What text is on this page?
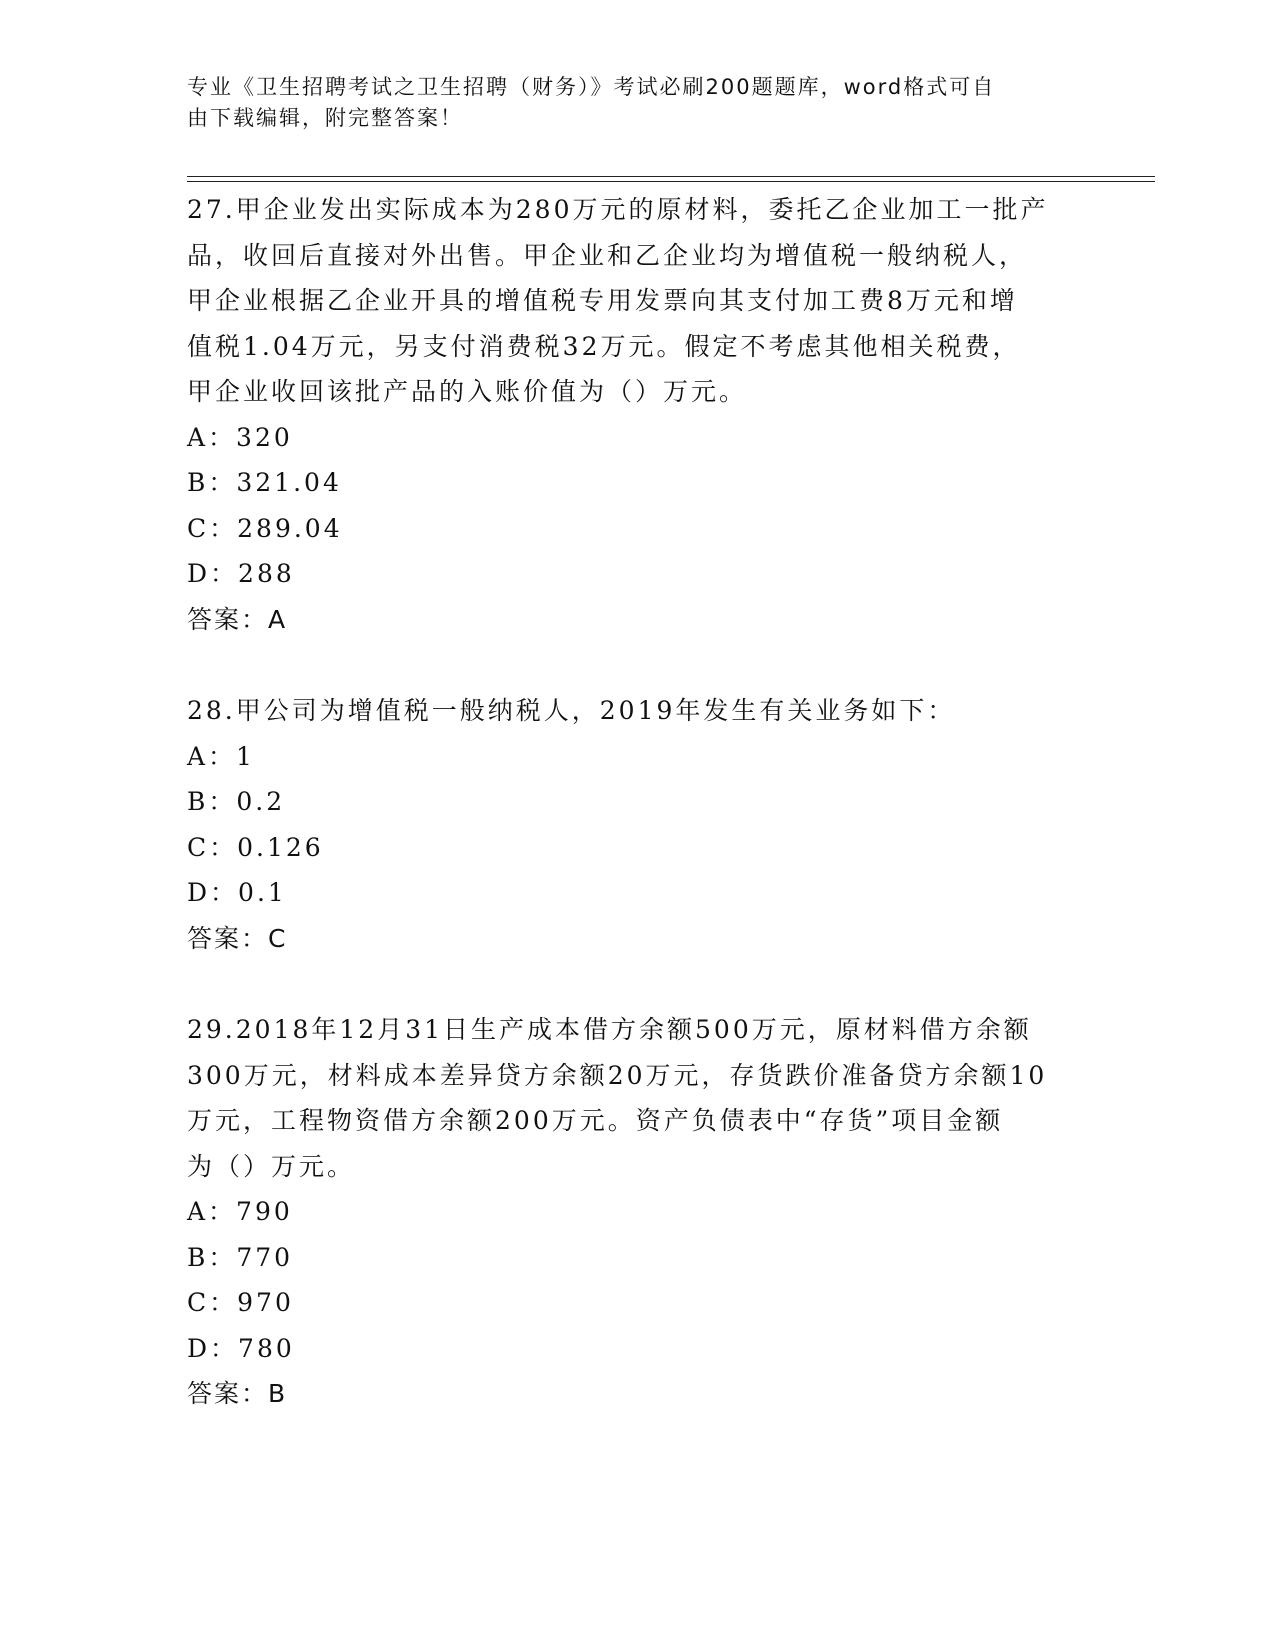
专业《卫生招聘考试之卫生招聘（财务）》考试必刷200题题库，word格式可自
由下载编辑，附完整答案！
27.甲企业发出实际成本为280万元的原材料，委托乙企业加工一批产
品，收回后直接对外出售。甲企业和乙企业均为增值税一般纳税人，
甲企业根据乙企业开具的增值税专用发票向其支付加工费8万元和增
值税1.04万元，另支付消费税32万元。假定不考虑其他相关税费，
甲企业收回该批产品的入账价值为（）万元。
A：320
B：321.04
C：289.04
D：288
答案：A
28.甲公司为增值税一般纳税人，2019年发生有关业务如下：
A：1
B：0.2
C：0.126
D：0.1
答案：C
29.2018年12月31日生产成本借方余额500万元，原材料借方余额
300万元，材料成本差异贷方余额20万元，存货跌价准备贷方余额10
万元，工程物资借方余额200万元。资产负债表中“存货”项目金额
为（）万元。
A：790
B：770
C：970
D：780
答案：B
